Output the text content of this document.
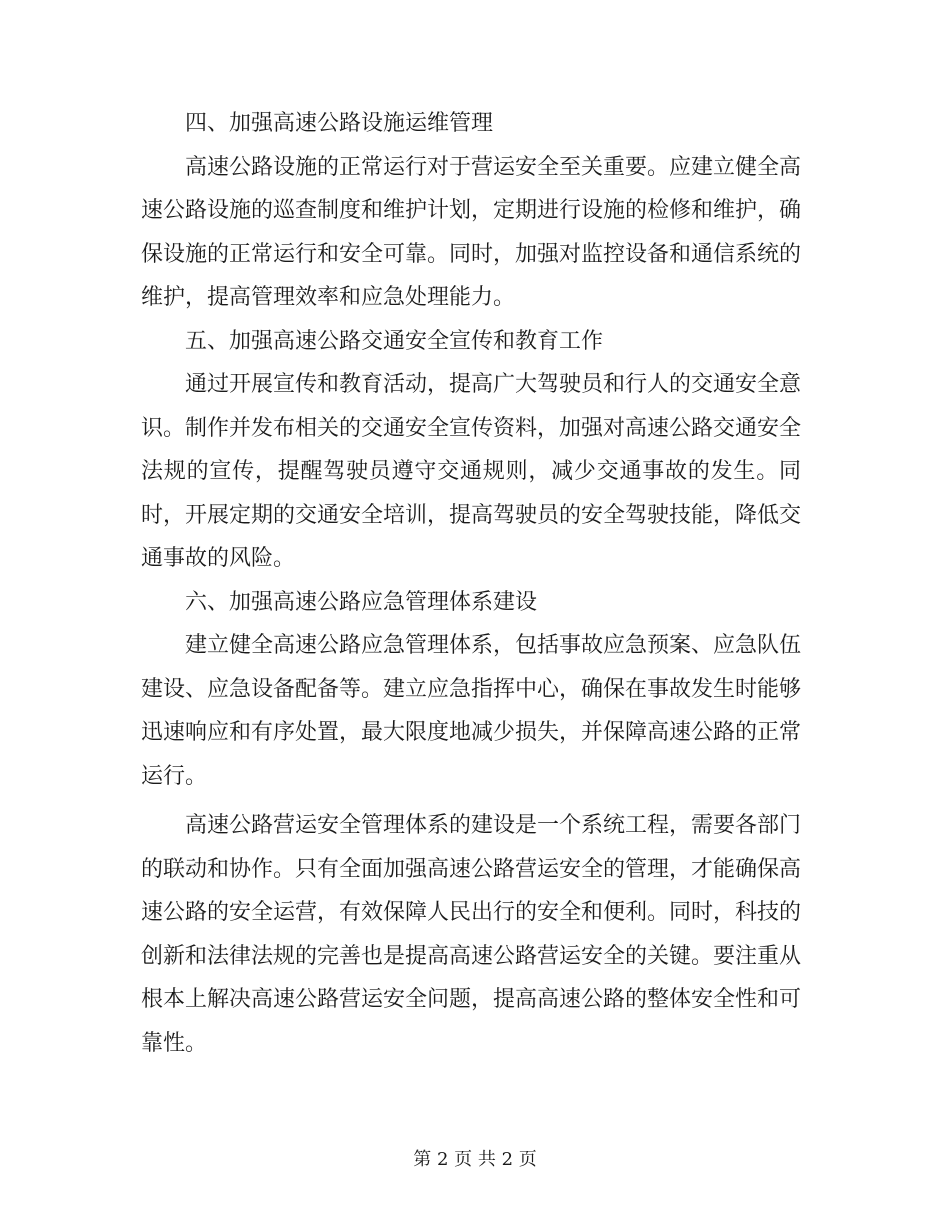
四、加强高速公路设施运维管理

高速公路设施的正常运行对于营运安全至关重要。应建立健全高速公路设施的巡查制度和维护计划，定期进行设施的检修和维护，确保设施的正常运行和安全可靠。同时，加强对监控设备和通信系统的维护，提高管理效率和应急处理能力。

五、加强高速公路交通安全宣传和教育工作

通过开展宣传和教育活动，提高广大驾驶员和行人的交通安全意识。制作并发布相关的交通安全宣传资料，加强对高速公路交通安全法规的宣传，提醒驾驶员遵守交通规则，减少交通事故的发生。同时，开展定期的交通安全培训，提高驾驶员的安全驾驶技能，降低交通事故的风险。

六、加强高速公路应急管理体系建设

建立健全高速公路应急管理体系，包括事故应急预案、应急队伍建设、应急设备配备等。建立应急指挥中心，确保在事故发生时能够迅速响应和有序处置，最大限度地减少损失，并保障高速公路的正常运行。

高速公路营运安全管理体系的建设是一个系统工程，需要各部门的联动和协作。只有全面加强高速公路营运安全的管理，才能确保高速公路的安全运营，有效保障人民出行的安全和便利。同时，科技的创新和法律法规的完善也是提高高速公路营运安全的关键。要注重从根本上解决高速公路营运安全问题，提高高速公路的整体安全性和可靠性。

第 2 页 共 2 页
